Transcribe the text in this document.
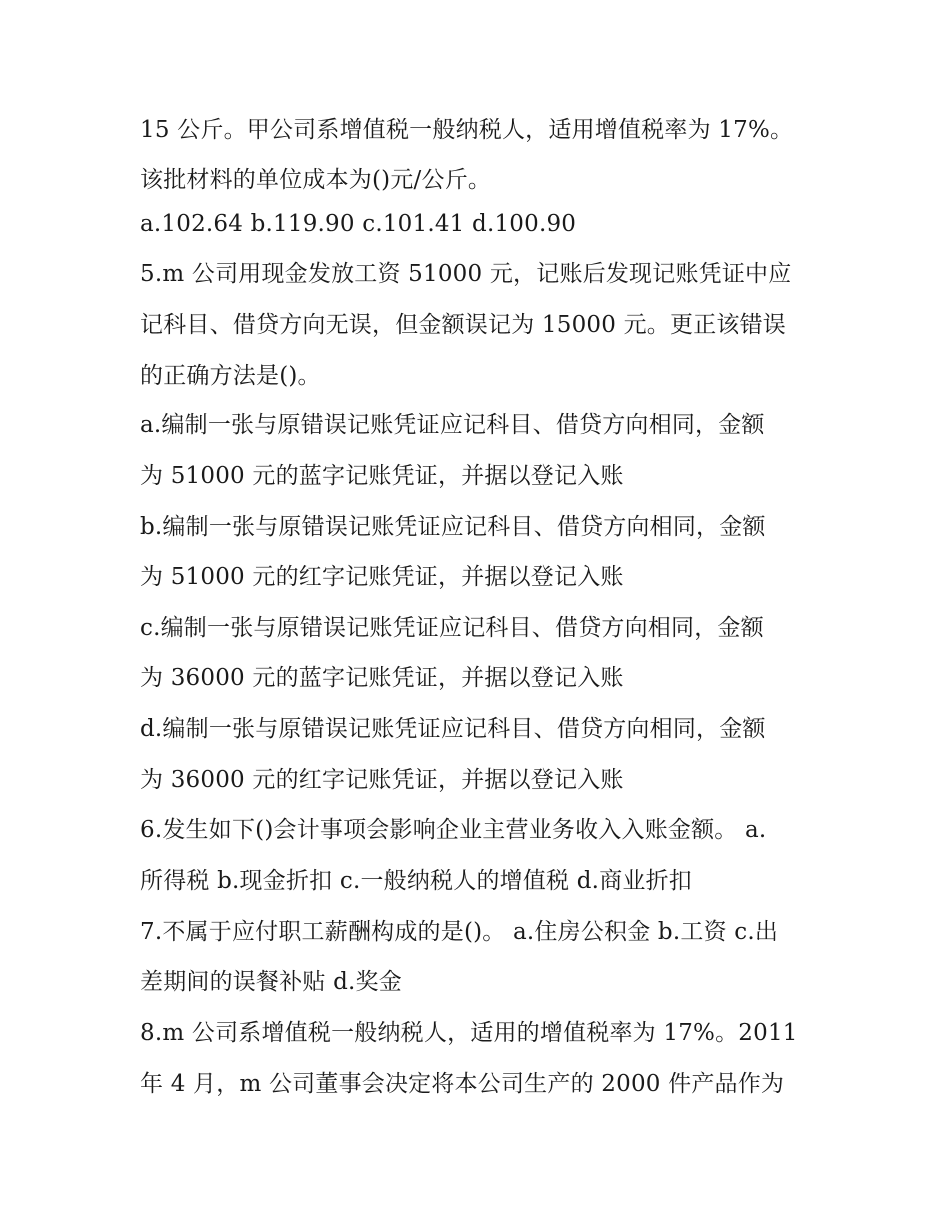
15 公斤。甲公司系增值税一般纳税人，适用增值税率为 17%。
该批材料的单位成本为()元/公斤。
a.102.64 b.119.90 c.101.41 d.100.90
5.m 公司用现金发放工资 51000 元，记账后发现记账凭证中应
记科目、借贷方向无误，但金额误记为 15000 元。更正该错误
的正确方法是()。
a.编制一张与原错误记账凭证应记科目、借贷方向相同，金额
为 51000 元的蓝字记账凭证，并据以登记入账
b.编制一张与原错误记账凭证应记科目、借贷方向相同，金额
为 51000 元的红字记账凭证，并据以登记入账
c.编制一张与原错误记账凭证应记科目、借贷方向相同，金额
为 36000 元的蓝字记账凭证，并据以登记入账
d.编制一张与原错误记账凭证应记科目、借贷方向相同，金额
为 36000 元的红字记账凭证，并据以登记入账
6.发生如下()会计事项会影响企业主营业务收入入账金额。 a.
所得税 b.现金折扣 c.一般纳税人的增值税 d.商业折扣
7.不属于应付职工薪酬构成的是()。 a.住房公积金 b.工资 c.出
差期间的误餐补贴 d.奖金
8.m 公司系增值税一般纳税人，适用的增值税率为 17%。2011
年 4 月，m 公司董事会决定将本公司生产的 2000 件产品作为
